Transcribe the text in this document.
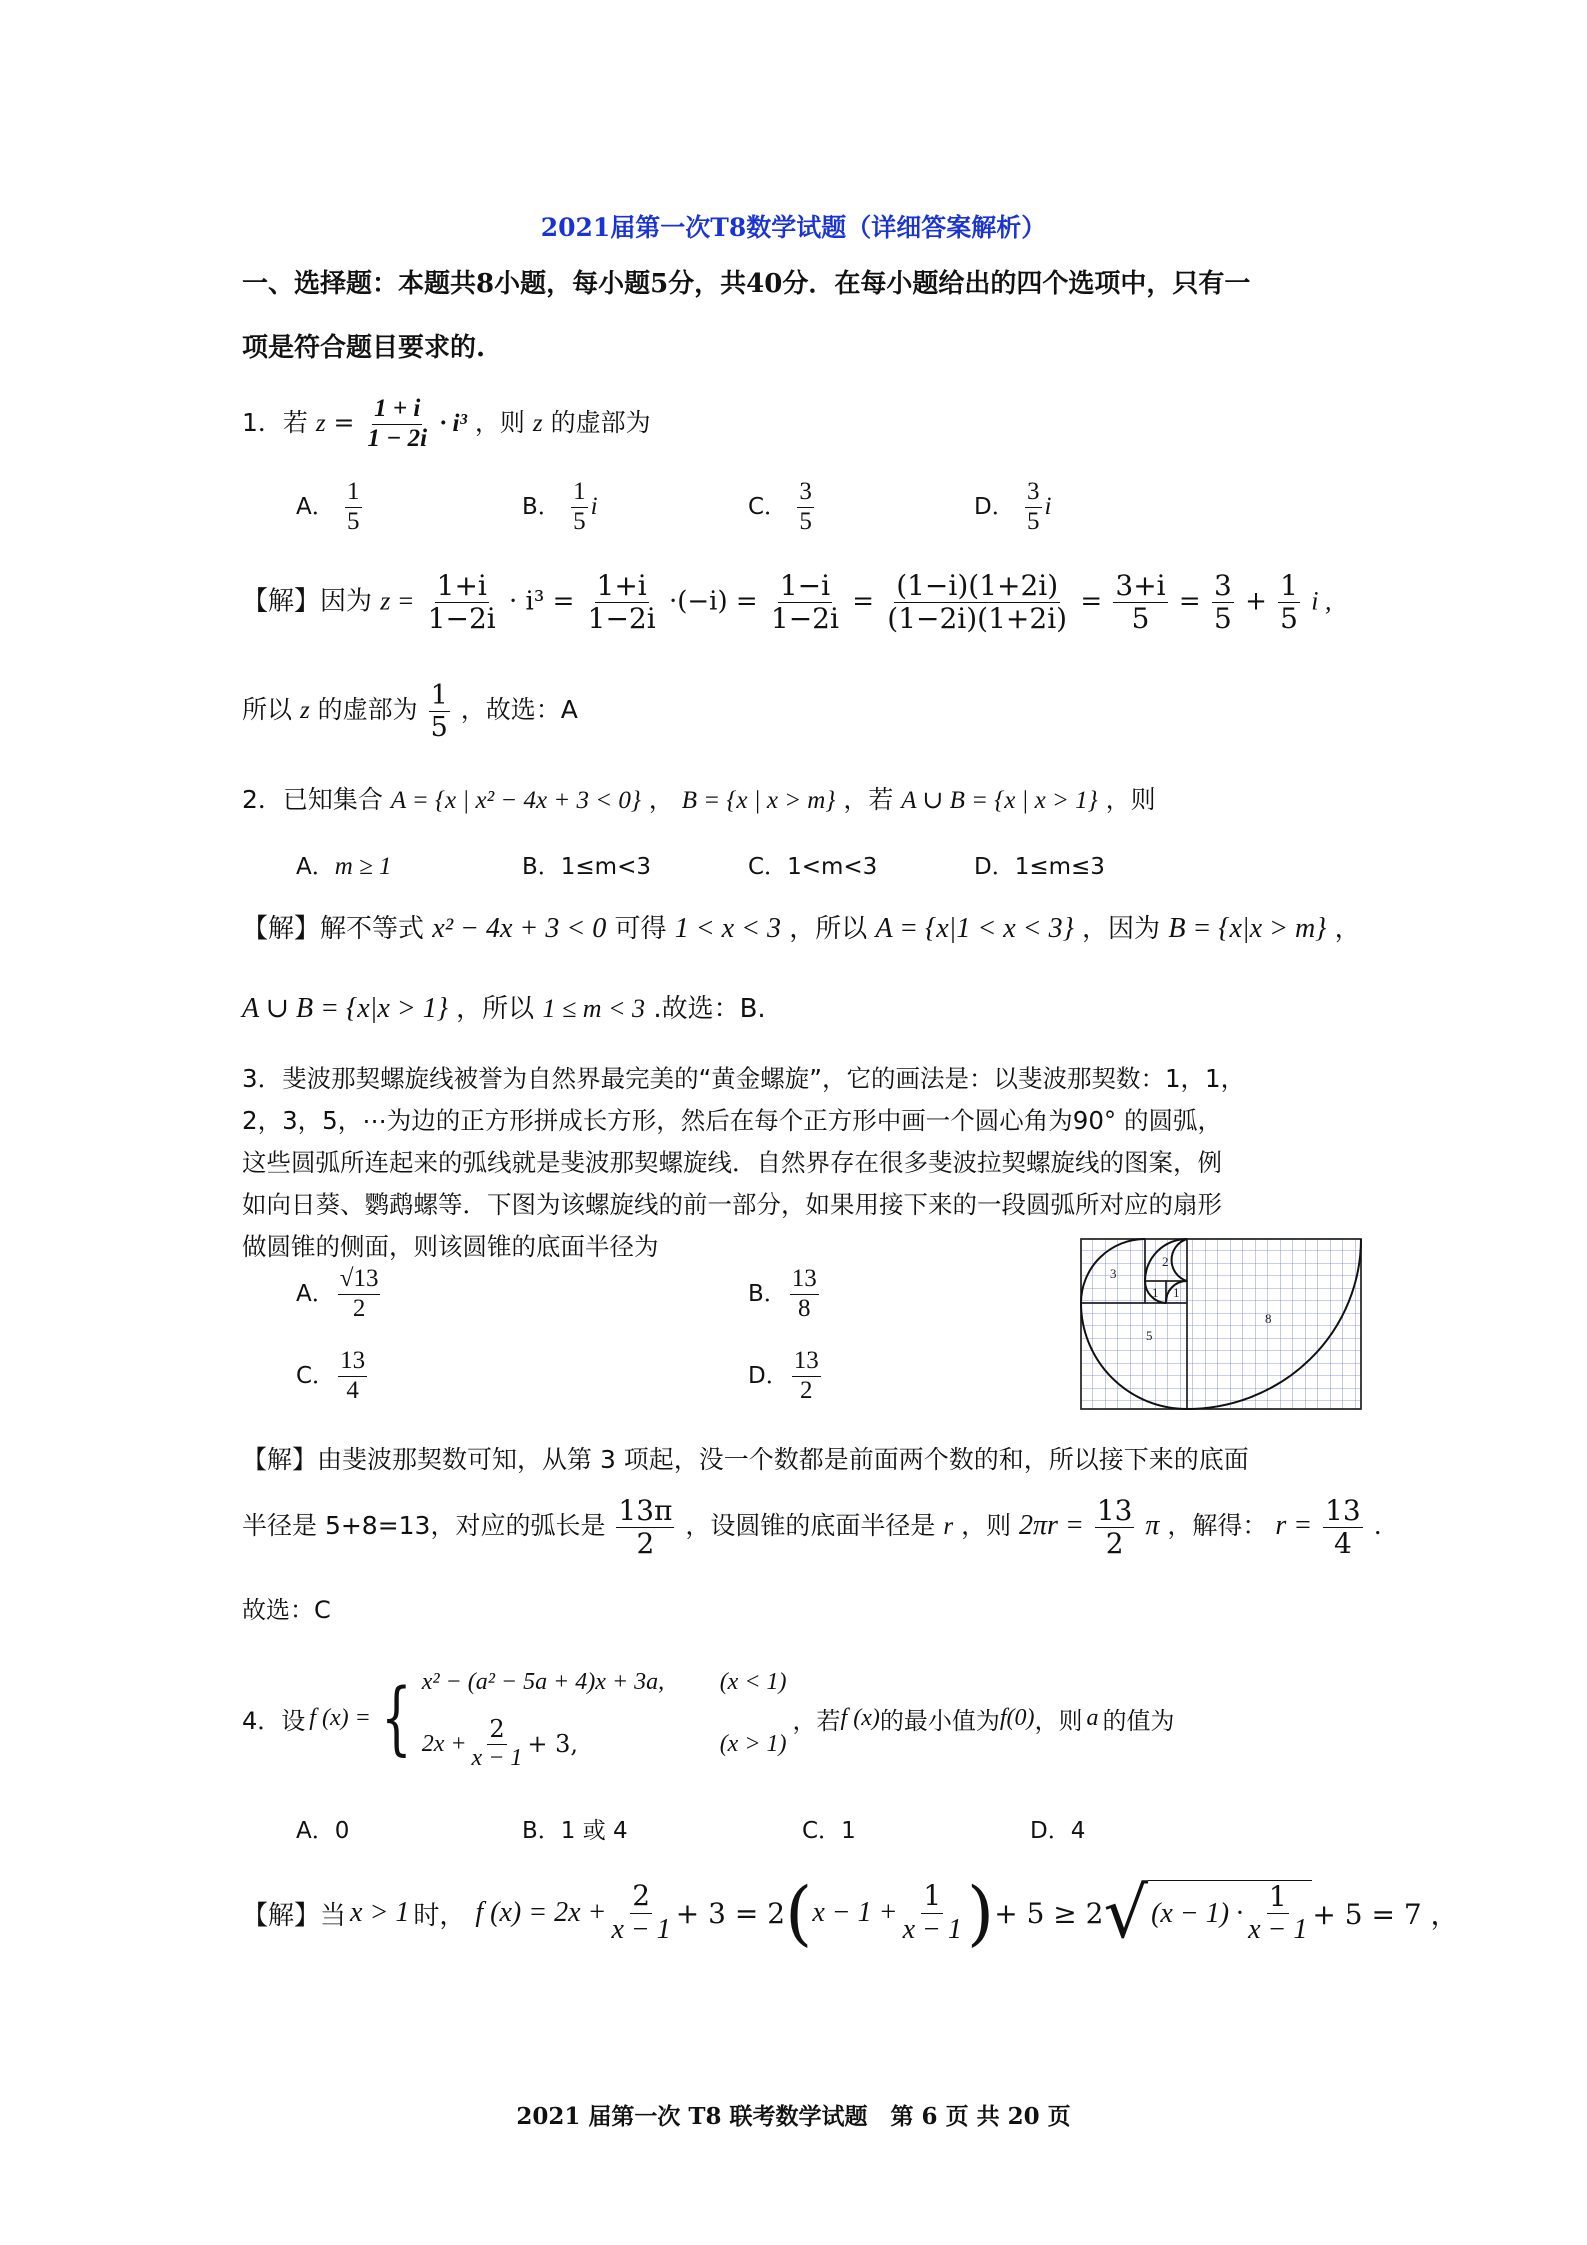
2021届第一次T8数学试题（详细答案解析）
一、选择题：本题共8小题，每小题5分，共40分．在每小题给出的四个选项中，只有一
项是符合题目要求的.
1．若 $z = \frac{1 + i}{1 - 2i} \cdot i^3$ ，则 z 的虚部为
A． $\frac{1}{5}$	B． $\frac{1}{5}$ i	C． $\frac{3}{5}$	D． $\frac{3}{5}$ i
【解】因为 $z = \frac{1+i}{1-2i} \cdot i^3 = \frac{1+i}{1-2i} \cdot(-i) = \frac{1-i}{1-2i} = \frac{(1-i)(1+2i)}{(1-2i)(1+2i)} = \frac{3+i}{5} = \frac{3}{5} + \frac{1}{5}$ i ,
所以 z 的虚部为 $\frac{1}{5}$ ，故选：A
2．已知集合 A = {x | x² − 4x + 3 < 0} ， B = {x | x > m} ，若 A ∪ B = {x | x > 1} ，则
A．m ≥ 1	B．1≤m<3	C．1<m<3	D．1≤m≤3
【解】解不等式 x² − 4x + 3 < 0 可得 1 < x < 3 ，所以 A = {x|1 < x < 3} ，因为 B = {x|x > m} ，
A ∪ B = {x|x > 1} ，所以 1 ≤ m < 3 .故选：B.
3．斐波那契螺旋线被誉为自然界最完美的“黄金螺旋”，它的画法是：以斐波那契数：1，1，
2，3，5，⋯为边的正方形拼成长方形，然后在每个正方形中画一个圆心角为90° 的圆弧，
这些圆弧所连起来的弧线就是斐波那契螺旋线．自然界存在很多斐波拉契螺旋线的图案，例
如向日葵、鹦鹉螺等．下图为该螺旋线的前一部分，如果用接下来的一段圆弧所对应的扇形
做圆锥的侧面，则该圆锥的底面半径为
A． $\frac{√13}{2}$	B． $\frac{13}{8}$
C． $\frac{13}{4}$	D． $\frac{13}{2}$
3
2
1 1
8
5
【解】由斐波那契数可知，从第 3 项起，没一个数都是前面两个数的和，所以接下来的底面
半径是 5+8=13，对应的弧长是 $\frac{13\pi}{2}$ ，设圆锥的底面半径是 r ，则 $2\pi r = \frac{13}{2}$ π ，解得： $r = \frac{13}{4}$ .
故选：C
4．设 f (x) = { x² − (a² − 5a + 4)x + 3a,	(x < 1)
$2x + \frac{2}{x - 1} + 3$,	(x > 1)
，若 f (x) 的最小值为 f(0) ，则 a 的值为
A．0	B．1 或 4	C．1	D．4
【解】当 x > 1 时， f $(x) = 2x + \frac{2}{x - 1} + 3 = 2$ ( $x - 1 + \frac{1}{x - 1}$ ) + 5 ≥ 2 √ $(x - 1) \cdot \frac{1}{x - 1} + 5 = 7$ ，
2021 届第一次 T8 联考数学试题　第 6 页 共 20 页
